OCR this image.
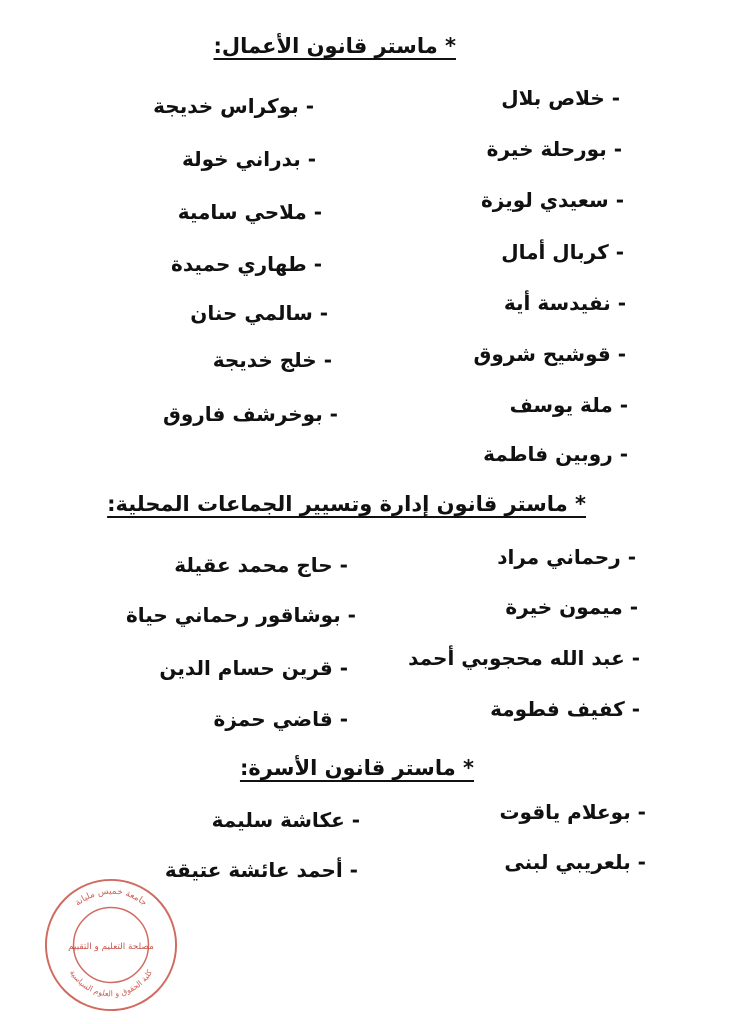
* ماستر قانون الأعمال:
- خلاص بلال
- بورحلة خيرة
- سعيدي لويزة
- كربال أمال
- نفيدسة أية
- قوشيح شروق
- ملة يوسف
- روبين فاطمة
- بوكراس خديجة
- بدراني خولة
- ملاحي سامية
- طهاري حميدة
- سالمي حنان
- خلج خديجة
- بوخرشف فاروق
* ماستر قانون إدارة وتسيير الجماعات المحلية:
- رحماني مراد
- ميمون خيرة
- عبد الله محجوبي أحمد
- كفيف فطومة
- حاج محمد عقيلة
- بوشاقور رحماني حياة
- قرين حسام الدين
- قاضي حمزة
* ماستر قانون الأسرة:
- بوعلام ياقوت
- بلعريبي لبنى
- عكاشة سليمة
- أحمد عائشة عتيقة
جامعة خميس مليانة
كلية الحقوق و العلوم السياسية
مصلحة التعليم و التقييم
